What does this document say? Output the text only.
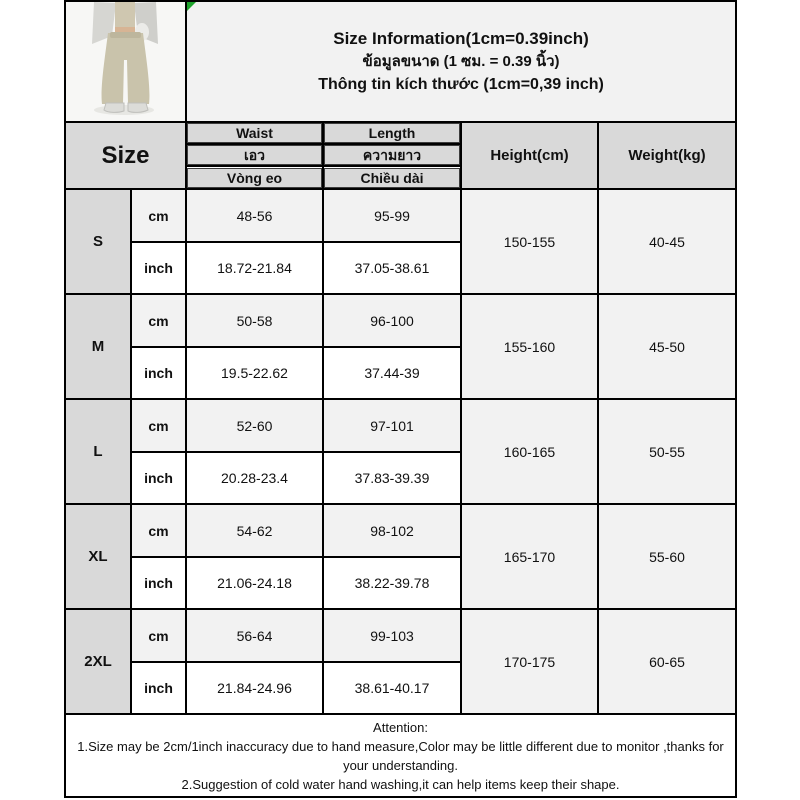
Size Information(1cm=0.39inch)
ข้อมูลขนาด (1 ซม. = 0.39 นิ้ว)
Thông tin kích thước (1cm=0,39 inch)			

Size		Waist	Length	Height(cm)	Weight(kg)

		เอว	ความยาว		

		Vòng eo	Chiều dài		

S	cm	48-56	95-99	150-155	40-45
	inch	18.72-21.84	37.05-38.61		
M	cm	50-58	96-100	155-160	45-50
	inch	19.5-22.62	37.44-39		
L	cm	52-60	97-101	160-165	50-55
	inch	20.28-23.4	37.83-39.39		
XL	cm	54-62	98-102	165-170	55-60
	inch	21.06-24.18	38.22-39.78		
2XL	cm	56-64	99-103	170-175	60-65
	inch	21.84-24.96	38.61-40.17		

Attention:
1.Size may be 2cm/1inch inaccuracy due to hand measure,Color may be little different due to monitor ,thanks for your understanding.
2.Suggestion of cold water hand washing,it can help items keep their shape.					
